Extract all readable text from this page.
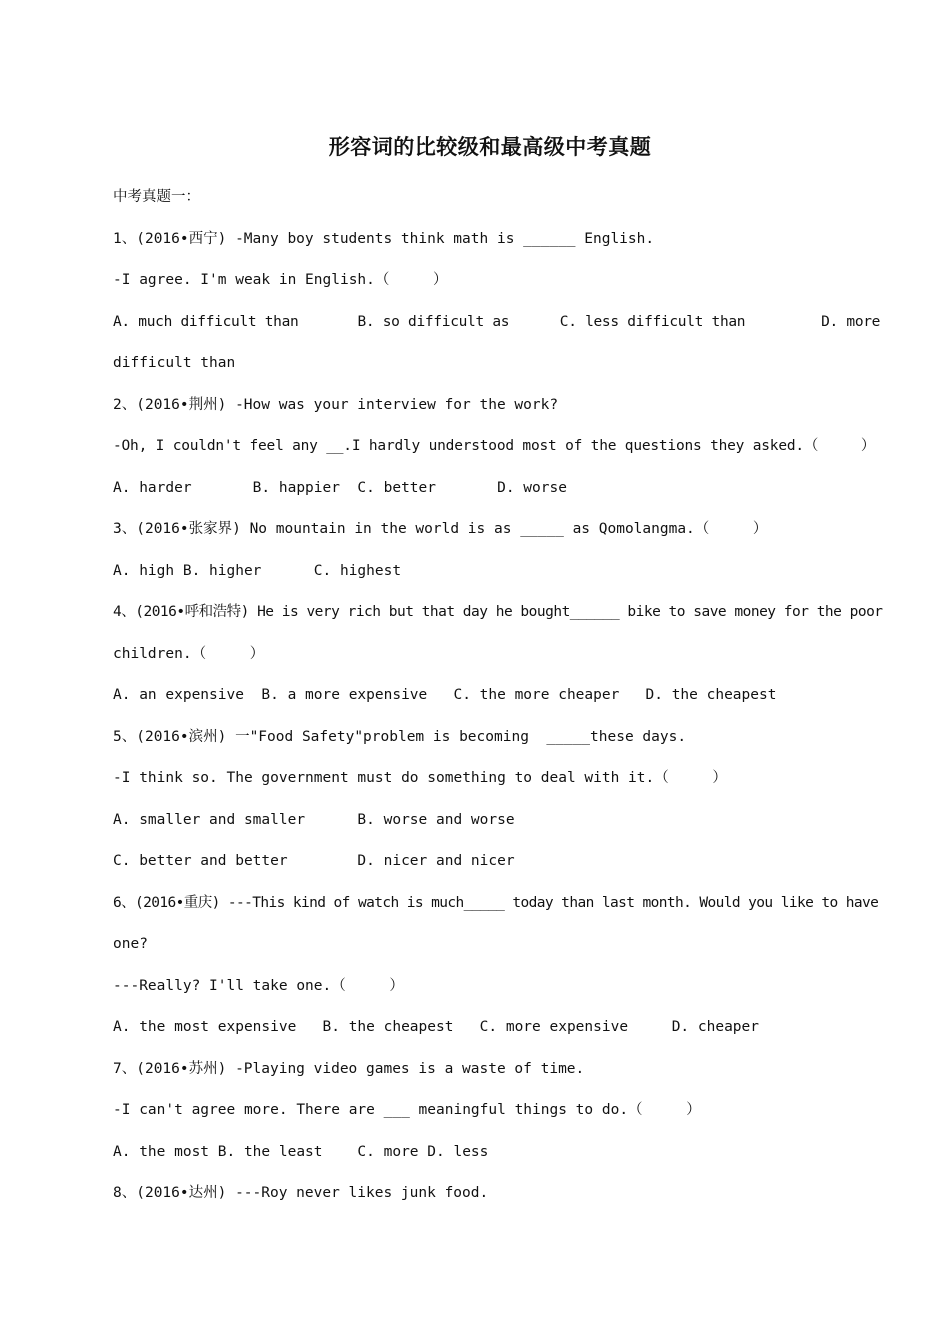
形容词的比较级和最高级中考真题
中考真题一：
1、(2016•西宁) -Many boy students think math is ______ English.
-I agree. I'm weak in English.（     ）
A. much difficult than       B. so difficult as      C. less difficult than         D. more
difficult than
2、(2016•荆州) -How was your interview for the work?
-Oh, I couldn't feel any __.I hardly understood most of the questions they asked.（     ）
A. harder       B. happier  C. better       D. worse
3、(2016•张家界) No mountain in the world is as _____ as Qomolangma.（     ）
A. high B. higher      C. highest
4、(2016•呼和浩特) He is very rich but that day he bought______ bike to save money for the poor
children.（     ）
A. an expensive  B. a more expensive   C. the more cheaper   D. the cheapest
5、(2016•滨州) 一"Food Safety"problem is becoming  _____these days.
-I think so. The government must do something to deal with it.（     ）
A. smaller and smaller      B. worse and worse
C. better and better        D. nicer and nicer
6、(2016•重庆) ---This kind of watch is much_____ today than last month. Would you like to have
one?
---Really? I'll take one.（     ）
A. the most expensive   B. the cheapest   C. more expensive     D. cheaper
7、(2016•苏州) -Playing video games is a waste of time.
-I can't agree more. There are ___ meaningful things to do.（     ）
A. the most B. the least    C. more D. less
8、(2016•达州) ---Roy never likes junk food.
